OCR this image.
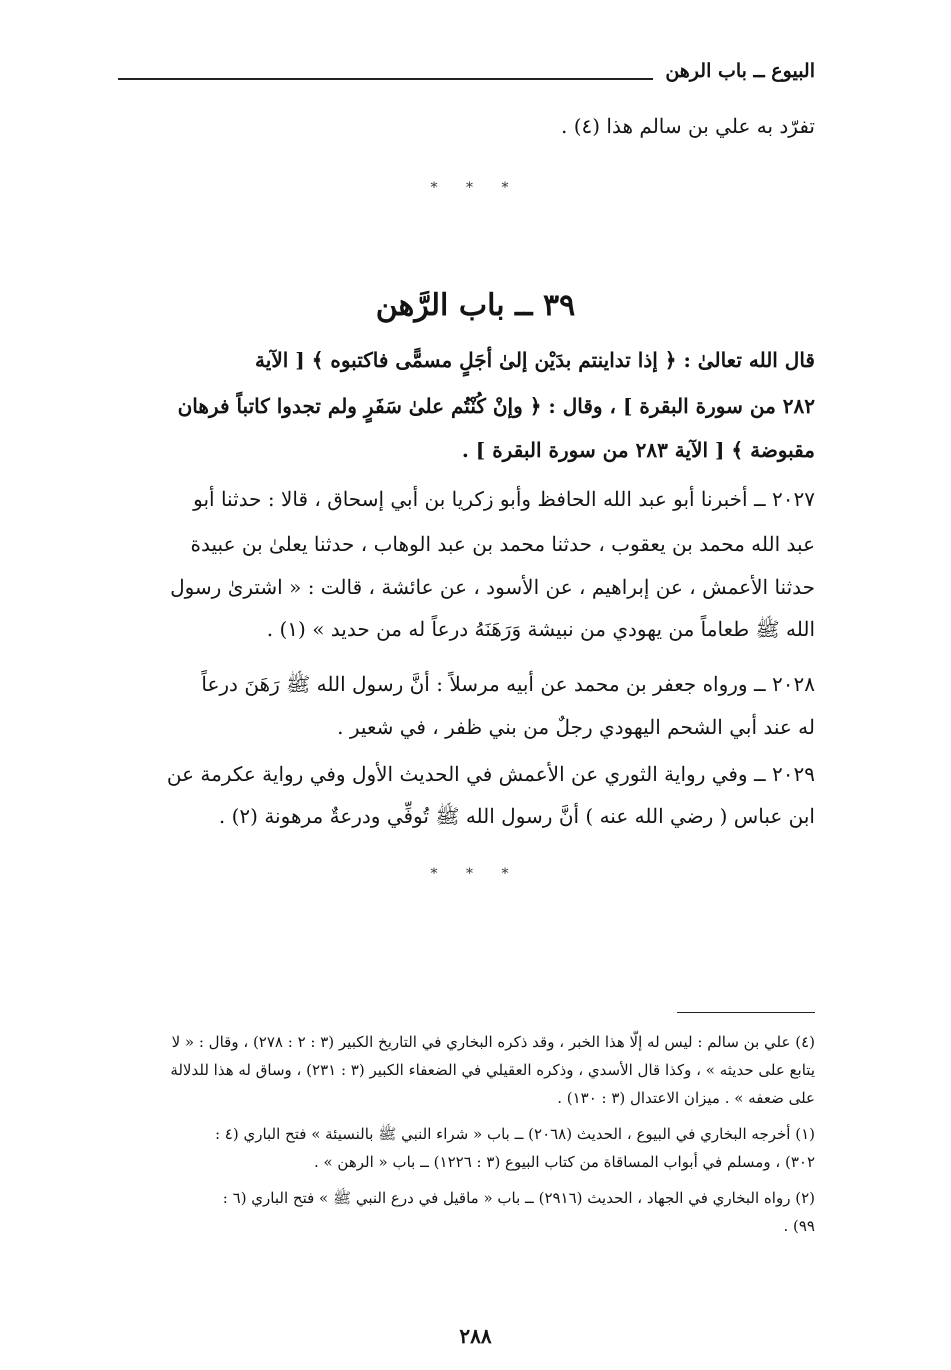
البيوع ــ باب الرهن
تفرّد به علي بن سالم هذا (٤) .
* * *
٣٩ ــ باب الرَّهن
قال الله تعالىٰ : ﴿ إذا تداينتم بدَيْن إلىٰ أجَلٍ مسمًّى فاكتبوه ﴾ [ الآية
٢٨٢ من سورة البقرة ] ، وقال : ﴿ وإنْ كُنْتُم علىٰ سَفَرٍ ولم تجدوا كاتباً فرهان
مقبوضة ﴾ [ الآية ٢٨٣ من سورة البقرة ] .
٢٠٢٧ ــ أخبرنا أبو عبد الله الحافظ وأبو زكريا بن أبي إسحاق ، قالا : حدثنا أبو
عبد الله محمد بن يعقوب ، حدثنا محمد بن عبد الوهاب ، حدثنا يعلىٰ بن عبيدة
حدثنا الأعمش ، عن إبراهيم ، عن الأسود ، عن عائشة ، قالت : « اشترىٰ رسول
الله ﷺ طعاماً من يهودي من نبيشة وَرَهَنَهُ درعاً له من حديد » (١) .
٢٠٢٨ ــ ورواه جعفر بن محمد عن أبيه مرسلاً : أنَّ رسول الله ﷺ رَهَنَ درعاً
له عند أبي الشحم اليهودي رجلٌ من بني ظفر ، في شعير .
٢٠٢٩ ــ وفي رواية الثوري عن الأعمش في الحديث الأول وفي رواية عكرمة عن
ابن عباس ( رضي الله عنه ) أنَّ رسول الله ﷺ تُوفِّي ودرعةٌ مرهونة (٢) .
* * *
(٤) علي بن سالم : ليس له إلّا هذا الخبر ، وقد ذكره البخاري في التاريخ الكبير (٣ : ٢ : ٢٧٨) ، وقال : « لا
يتابع على حديثه » ، وكذا قال الأسدي ، وذكره العقيلي في الضعفاء الكبير (٣ : ٢٣١) ، وساق له هذا للدلالة
على ضعفه » . ميزان الاعتدال (٣ : ١٣٠) .
(١) أخرجه البخاري في البيوع ، الحديث (٢٠٦٨) ــ باب « شراء النبي ﷺ بالنسيئة » فتح الباري (٤ :
٣٠٢) ، ومسلم في أبواب المساقاة من كتاب البيوع (٣ : ١٢٢٦) ــ باب « الرهن » .
(٢) رواه البخاري في الجهاد ، الحديث (٢٩١٦) ــ باب « ماقيل في درع النبي ﷺ » فتح الباري (٦ :
٩٩) .
٢٨٨
